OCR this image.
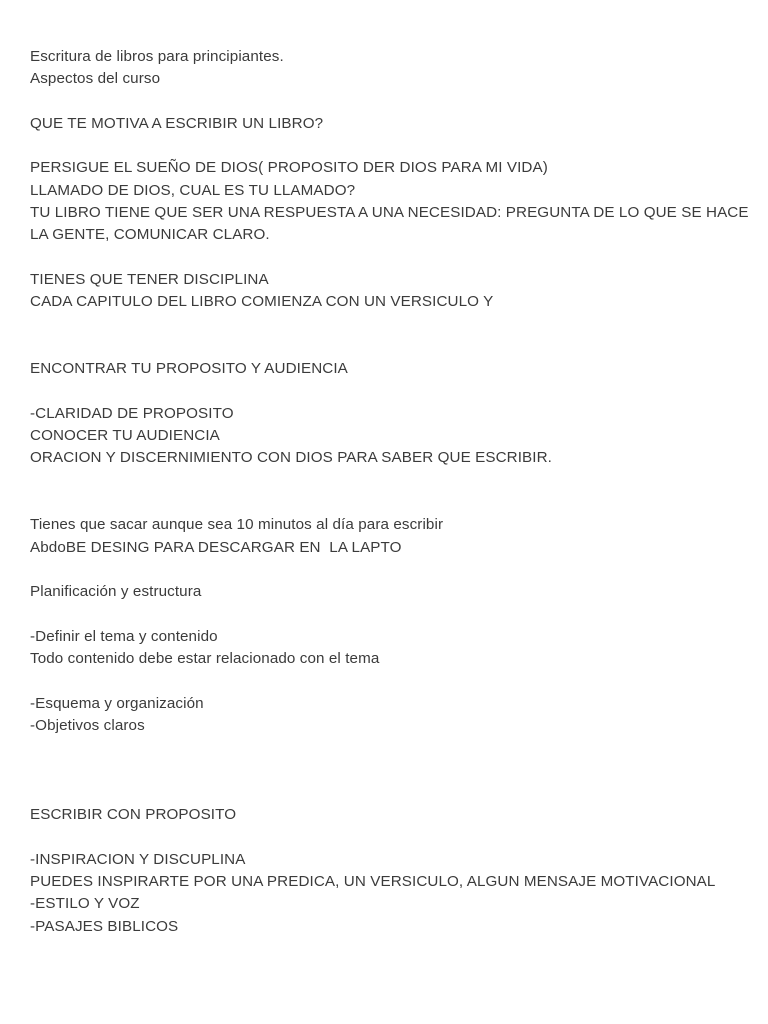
Escritura de libros para principiantes.
Aspectos del curso
QUE TE MOTIVA A ESCRIBIR UN LIBRO?
PERSIGUE EL SUEÑO DE DIOS( PROPOSITO DER DIOS PARA MI VIDA)
LLAMADO DE DIOS, CUAL ES TU LLAMADO?
TU LIBRO TIENE QUE SER UNA RESPUESTA A UNA NECESIDAD: PREGUNTA DE LO QUE SE HACE LA GENTE, COMUNICAR CLARO.
TIENES QUE TENER DISCIPLINA
CADA CAPITULO DEL LIBRO COMIENZA CON UN VERSICULO Y
ENCONTRAR TU PROPOSITO Y AUDIENCIA
-CLARIDAD DE PROPOSITO
CONOCER TU AUDIENCIA
ORACION Y DISCERNIMIENTO CON DIOS PARA SABER QUE ESCRIBIR.
Tienes que sacar aunque sea 10 minutos al día para escribir
AbdoBE DESING PARA DESCARGAR EN  LA LAPTO
Planificación y estructura
-Definir el tema y contenido
Todo contenido debe estar relacionado con el tema
-Esquema y organización
-Objetivos claros
ESCRIBIR CON PROPOSITO
-INSPIRACION Y DISCUPLINA
PUEDES INSPIRARTE POR UNA PREDICA, UN VERSICULO, ALGUN MENSAJE MOTIVACIONAL
-ESTILO Y VOZ
-PASAJES BIBLICOS
